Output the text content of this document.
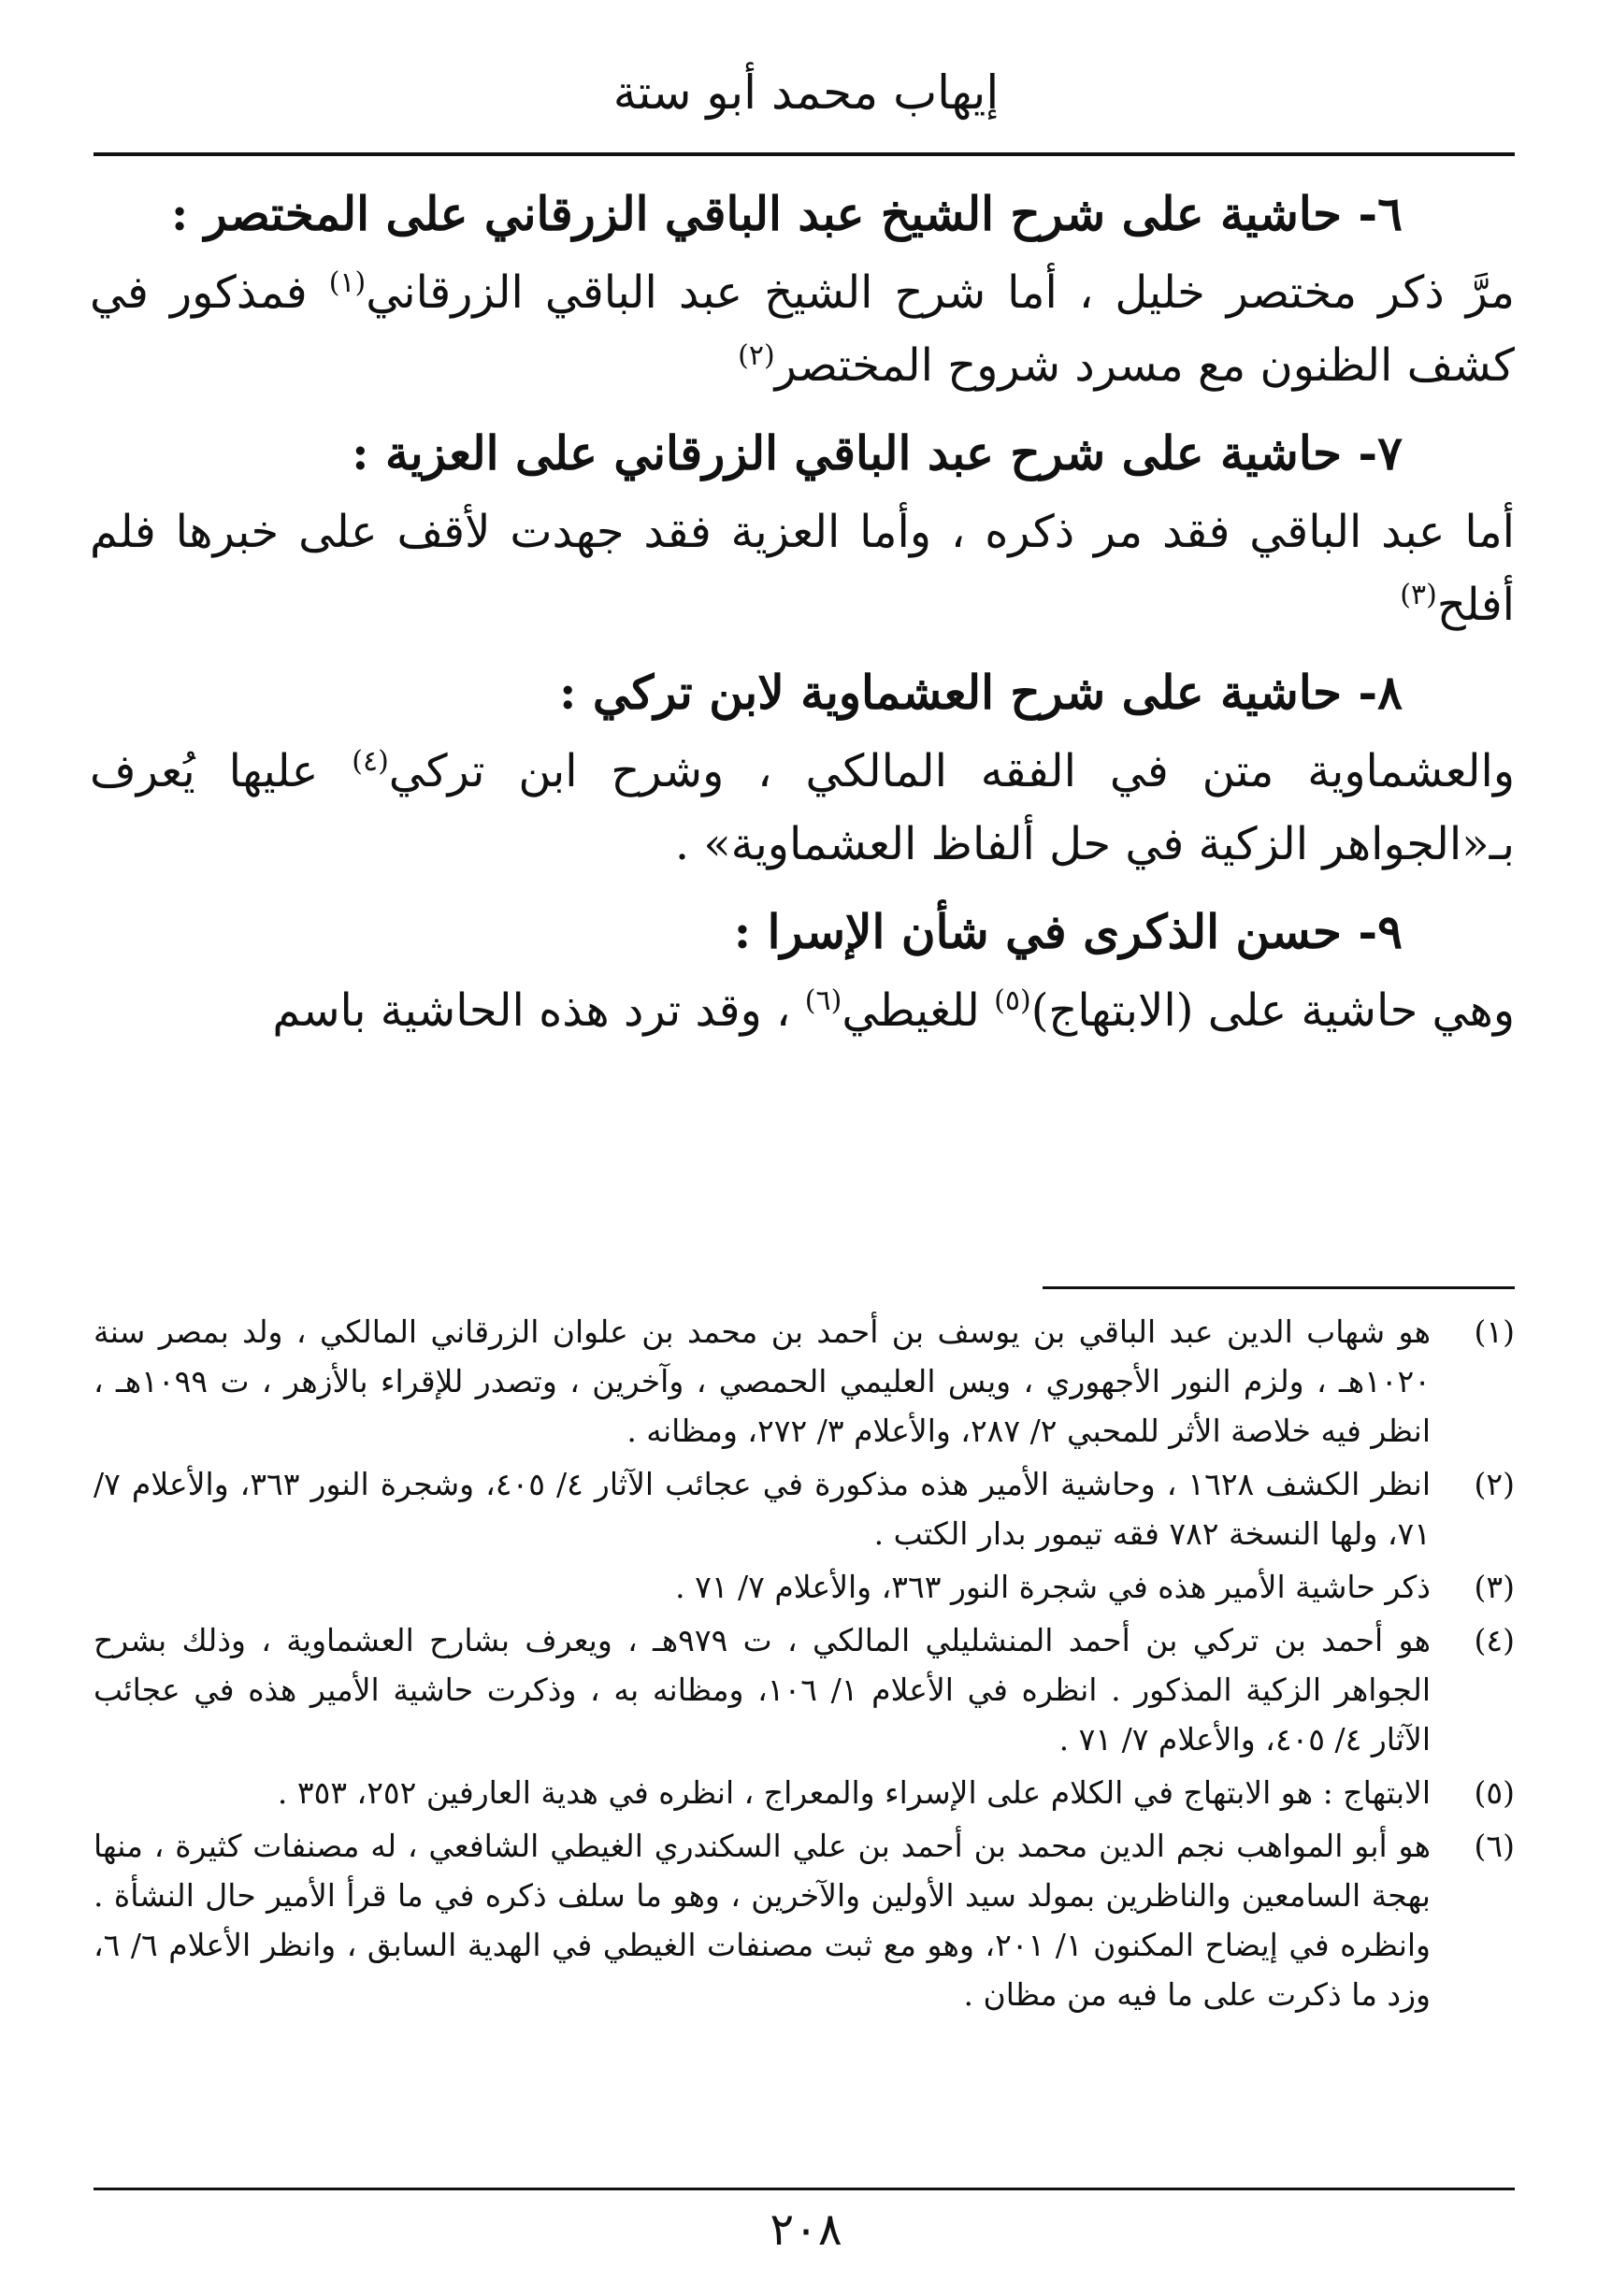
إيهاب محمد أبو ستة
٦- حاشية على شرح الشيخ عبد الباقي الزرقاني على المختصر :

مرَّ ذكر مختصر خليل ، أما شرح الشيخ عبد الباقي الزرقاني$^{(١)}$ فمذكور في كشف الظنون مع مسرد شروح المختصر$^{(٢)}$

٧- حاشية على شرح عبد الباقي الزرقاني على العزية :

أما عبد الباقي فقد مر ذكره ، وأما العزية فقد جهدت لأقف على خبرها فلم أفلح$^{(٣)}$

٨- حاشية على شرح العشماوية لابن تركي :

والعشماوية متن في الفقه المالكي ، وشرح ابن تركي$^{(٤)}$ عليها يُعرف بـ«الجواهر الزكية في حل ألفاظ العشماوية» .

٩- حسن الذكرى في شأن الإسرا :

وهي حاشية على (الابتهاج)$^{(٥)}$ للغيطي$^{(٦)}$ ، وقد ترد هذه الحاشية باسم

(١)
هو شهاب الدين عبد الباقي بن يوسف بن أحمد بن محمد بن علوان الزرقاني المالكي ، ولد بمصر سنة ١٠٢٠هـ ، ولزم النور الأجهوري ، ويس العليمي الحمصي ، وآخرين ، وتصدر للإقراء بالأزهر ، ت ١٠٩٩هـ ، انظر فيه خلاصة الأثر للمحبي ٢/ ٢٨٧، والأعلام ٣/ ٢٧٢، ومظانه .
(٢)
انظر الكشف ١٦٢٨ ، وحاشية الأمير هذه مذكورة في عجائب الآثار ٤/ ٤٠٥، وشجرة النور ٣٦٣، والأعلام ٧/ ٧١، ولها النسخة ٧٨٢ فقه تيمور بدار الكتب .
(٣)
ذكر حاشية الأمير هذه في شجرة النور ٣٦٣، والأعلام ٧/ ٧١ .
(٤)
هو أحمد بن تركي بن أحمد المنشليلي المالكي ، ت ٩٧٩هـ ، ويعرف بشارح العشماوية ، وذلك بشرح الجواهر الزكية المذكور . انظره في الأعلام ١/ ١٠٦، ومظانه به ، وذكرت حاشية الأمير هذه في عجائب الآثار ٤/ ٤٠٥، والأعلام ٧/ ٧١ .
(٥)
الابتهاج : هو الابتهاج في الكلام على الإسراء والمعراج ، انظره في هدية العارفين ٢٥٢، ٣٥٣ .
(٦)
هو أبو المواهب نجم الدين محمد بن أحمد بن علي السكندري الغيطي الشافعي ، له مصنفات كثيرة ، منها بهجة السامعين والناظرين بمولد سيد الأولين والآخرين ، وهو ما سلف ذكره في ما قرأ الأمير حال النشأة . وانظره في إيضاح المكنون ١/ ٢٠١، وهو مع ثبت مصنفات الغيطي في الهدية السابق ، وانظر الأعلام ٦/ ٦، وزد ما ذكرت على ما فيه من مظان .
٢٠٨
